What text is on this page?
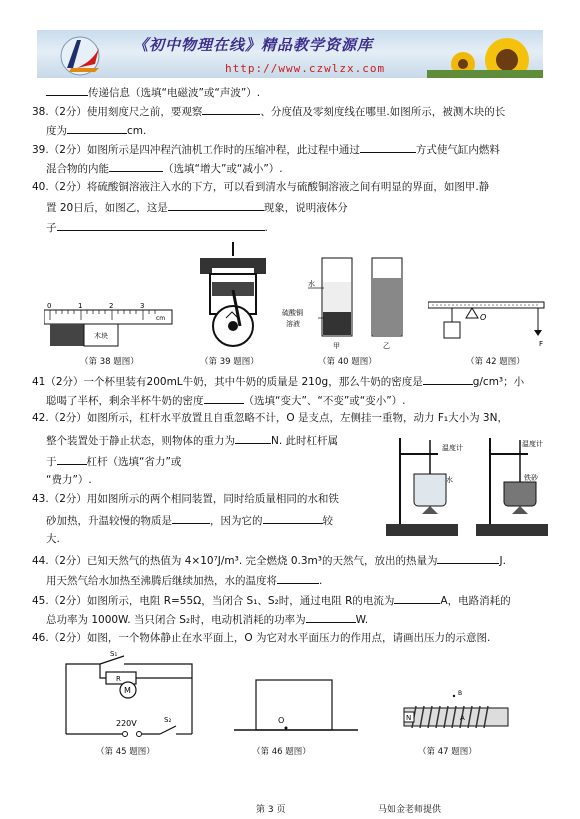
《初中物理在线》精品教学资源库
http://www.czwlzx.com
传递信息（选填“电磁波”或“声波”）.
38.（2分）使用刻度尺之前，要观察	、分度值及零刻度线在哪里.如图所示，被测木块的长
度为	cm.
39.（2分）如图所示是四冲程汽油机工作时的压缩冲程，此过程中通过	方式使气缸内燃料
混合物的内能	（选填“增大”或“减小”）.
40.（2分）将硫酸铜溶液注入水的下方，可以看到清水与硫酸铜溶液之间有明显的界面，如图甲.静
置 20日后，如图乙，这是	现象，说明液体分
子	.
0	1	2	3
cm
木块
（第 38 题图）	（第 39 题图）
水
硫酸铜
溶液
甲	乙
（第 40 题图）
O
F
（第 42 题图）
41（2分）一个杯里装有200mL牛奶，其中牛奶的质量是 210g，那么牛奶的密度是	g/cm³；小
聪喝了半杯，剩余半杯牛奶的密度	（选填“变大”、“不变”或“变小”）.
42.（2分）如图所示，杠杆水平放置且自重忽略不计，O 是支点，左侧挂一重物，动力 F₁大小为 3N，
整个装置处于静止状态，则物体的重力为	N. 此时杠杆属
于	杠杆（选填“省力”或
“费力”）.
43.（2分）用如图所示的两个相同装置，同时给质量相同的水和铁
砂加热，升温较慢的物质是	，因为它的	较
大.
温度计
水
温度计
铁砂
44.（2分）已知天然气的热值为 4×10⁷J/m³. 完全燃烧 0.3m³的天然气，放出的热量为	J.
用天然气给水加热至沸腾后继续加热，水的温度将	.
45.（2分）如图所示，电阻 R=55Ω，当闭合 S₁、S₂时，通过电阻 R的电流为	A，电路消耗的
总功率为 1000W. 当只闭合 S₂时，电动机消耗的功率为	W.
46.（2分）如图，一个物体静止在水平面上，O 为它对水平面压力的作用点，请画出压力的示意图.
S₁
R
M
220V	S₂
（第 45 题图）
O
（第 46 题图）
N	A
B
（第 47 题图）
第 3 页	马如金老师提供
